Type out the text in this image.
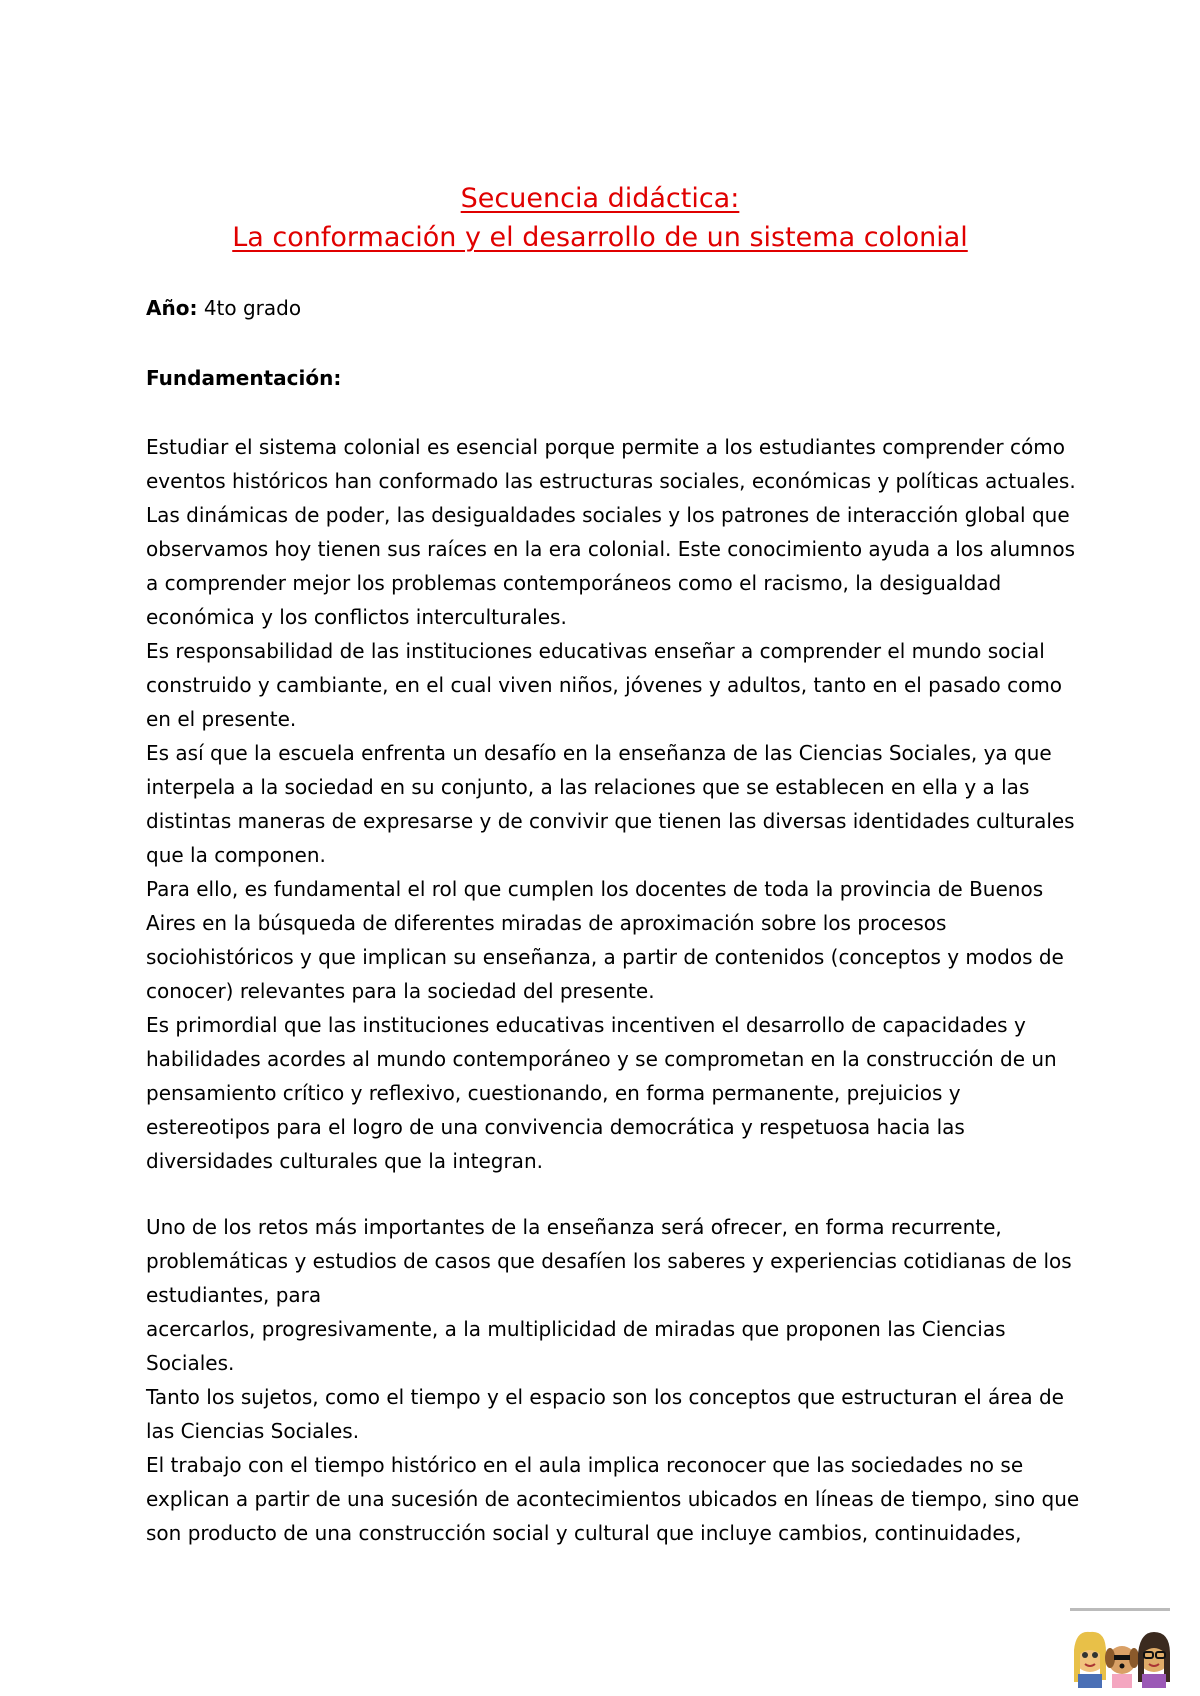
Secuencia didáctica:
La conformación y el desarrollo de un sistema colonial
Año: 4to grado
Fundamentación:

Estudiar el sistema colonial es esencial porque permite a los estudiantes comprender cómo eventos históricos han conformado las estructuras sociales, económicas y políticas actuales. Las dinámicas de poder, las desigualdades sociales y los patrones de interacción global que observamos hoy tienen sus raíces en la era colonial. Este conocimiento ayuda a los alumnos a comprender mejor los problemas contemporáneos como el racismo, la desigualdad económica y los conflictos interculturales.

Es responsabilidad de las instituciones educativas enseñar a comprender el mundo social construido y cambiante, en el cual viven niños, jóvenes y adultos, tanto en el pasado como en el presente.

Es así que la escuela enfrenta un desafío en la enseñanza de las Ciencias Sociales, ya que interpela a la sociedad en su conjunto, a las relaciones que se establecen en ella y a las distintas maneras de expresarse y de convivir que tienen las diversas identidades culturales que la componen.

Para ello, es fundamental el rol que cumplen los docentes de toda la provincia de Buenos Aires en la búsqueda de diferentes miradas de aproximación sobre los procesos sociohistóricos y que implican su enseñanza, a partir de contenidos (conceptos y modos de conocer) relevantes para la sociedad del presente.

Es primordial que las instituciones educativas incentiven el desarrollo de capacidades y habilidades acordes al mundo contemporáneo y se comprometan en la construcción de un pensamiento crítico y reflexivo, cuestionando, en forma permanente, prejuicios y estereotipos para el logro de una convivencia democrática y respetuosa hacia las diversidades culturales que la integran.

Uno de los retos más importantes de la enseñanza será ofrecer, en forma recurrente, problemáticas y estudios de casos que desafíen los saberes y experiencias cotidianas de los estudiantes, para

acercarlos, progresivamente, a la multiplicidad de miradas que proponen las Ciencias Sociales.

Tanto los sujetos, como el tiempo y el espacio son los conceptos que estructuran el área de las Ciencias Sociales.

El trabajo con el tiempo histórico en el aula implica reconocer que las sociedades no se explican a partir de una sucesión de acontecimientos ubicados en líneas de tiempo, sino que son producto de una construcción social y cultural que incluye cambios, continuidades,
